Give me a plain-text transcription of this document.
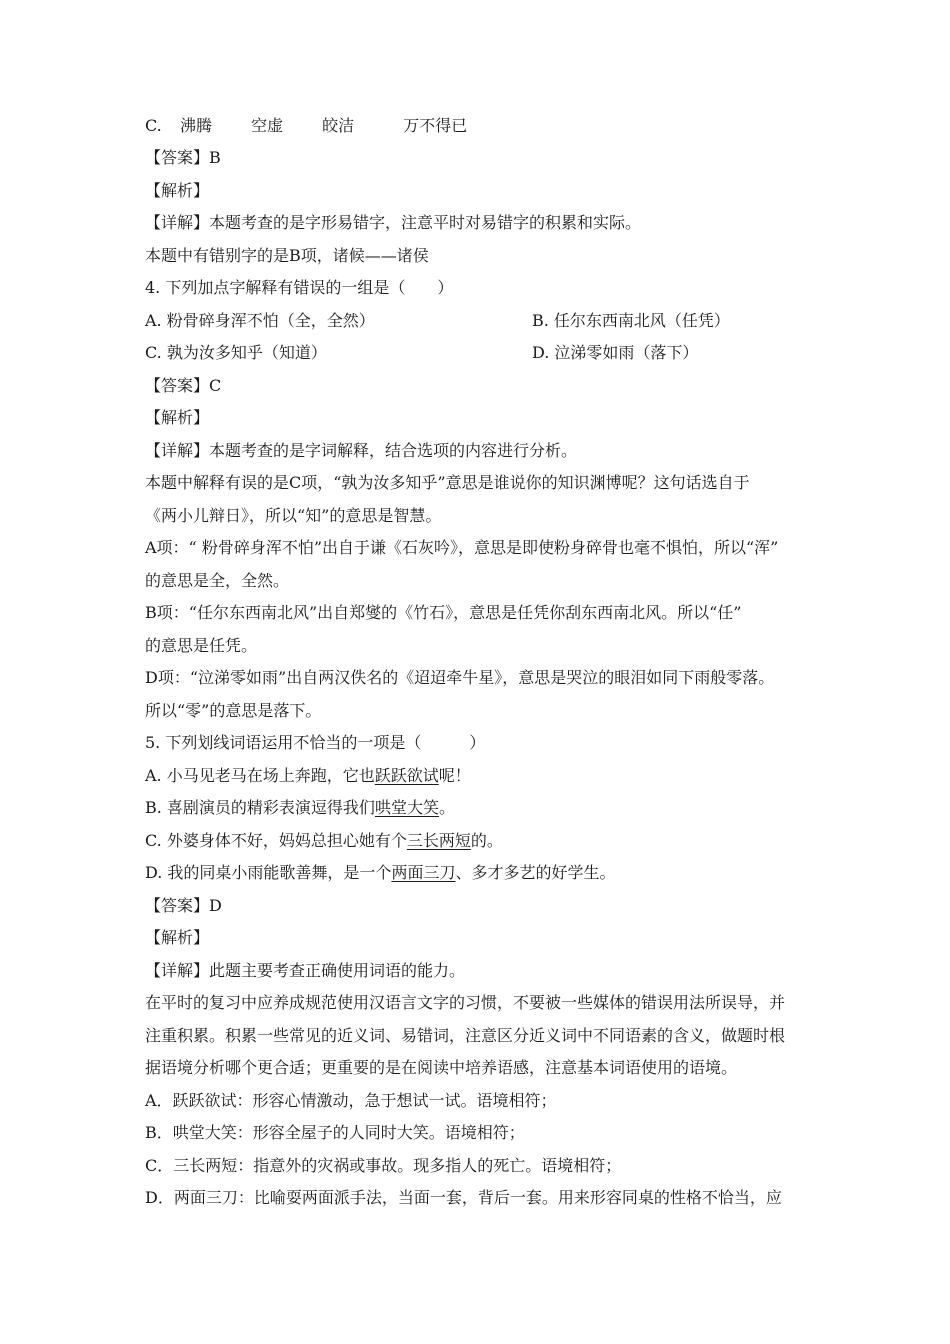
C. 沸腾 空虚 皎洁	万不得已
【答案】B
【解析】
【详解】本题考查的是字形易错字，注意平时对易错字的积累和实际。
本题中有错别字的是B项，诸候——诸侯
4. 下列加点字解释有错误的一组是（　　）
A. 粉骨碎身浑不怕（全，全然）	B. 任尔东西南北风（任凭）
C. 孰为汝多知乎（知道）	D. 泣涕零如雨（落下）
【答案】C
【解析】
【详解】本题考查的是字词解释，结合选项的内容进行分析。
本题中解释有误的是C项，“孰为汝多知乎”意思是谁说你的知识渊博呢？这句话选自于
《两小儿辩日》，所以“知”的意思是智慧。
A项：“ 粉骨碎身浑不怕”出自于谦《石灰吟》，意思是即使粉身碎骨也毫不惧怕，所以“浑”
的意思是全，全然。
B项：“任尔东西南北风”出自郑燮的《竹石》，意思是任凭你刮东西南北风。所以“任”
的意思是任凭。
D项：“泣涕零如雨”出自两汉佚名的《迢迢牵牛星》，意思是哭泣的眼泪如同下雨般零落。
所以“零”的意思是落下。
5. 下列划线词语运用不恰当的一项是（　　　）
A. 小马见老马在场上奔跑，它也跃跃欲试呢！
B. 喜剧演员的精彩表演逗得我们哄堂大笑。
C. 外婆身体不好，妈妈总担心她有个三长两短的。
D. 我的同桌小雨能歌善舞，是一个两面三刀、多才多艺的好学生。
【答案】D
【解析】
【详解】此题主要考查正确使用词语的能力。
在平时的复习中应养成规范使用汉语言文字的习惯，不要被一些媒体的错误用法所误导，并
注重积累。积累一些常见的近义词、易错词，注意区分近义词中不同语素的含义，做题时根
据语境分析哪个更合适；更重要的是在阅读中培养语感，注意基本词语使用的语境。
A．跃跃欲试：形容心情激动，急于想试一试。语境相符；
B．哄堂大笑：形容全屋子的人同时大笑。语境相符；
C．三长两短：指意外的灾祸或事故。现多指人的死亡。语境相符；
D．两面三刀：比喻耍两面派手法，当面一套，背后一套。用来形容同桌的性格不恰当，应
